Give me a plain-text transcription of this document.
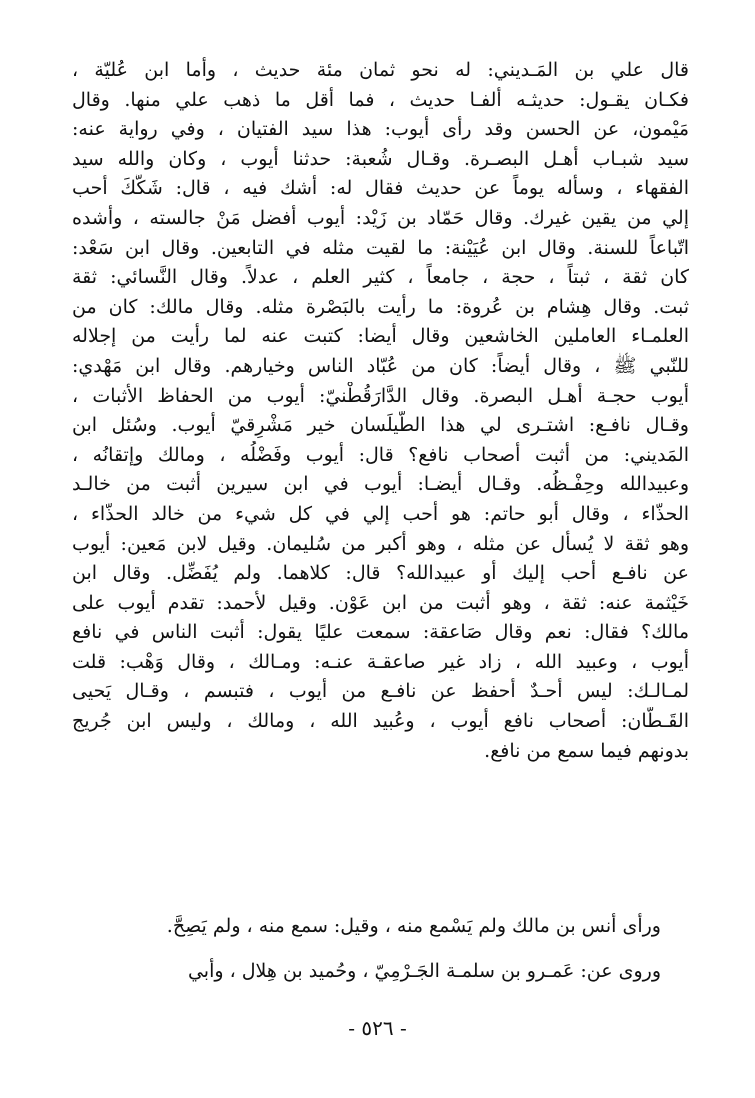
قال علي بن المَـديني: له نحو ثمان مئة حديث ، وأما ابن عُليّة ،
فكـان يقـول: حديثـه ألفـا حديث ، فما أقل ما ذهب علي منها. وقال
مَيْمون، عن الحسن وقد رأى أيوب: هذا سيد الفتيان ، وفي رواية عنه:
سيد شبـاب أهـل البصـرة. وقـال شُعبة: حدثنا أيوب ، وكان والله سيد
الفقهاء ، وسأله يوماً عن حديث فقال له: أشك فيه ، قال: شَكُّكَ أحب
إلي من يقين غيرك. وقال حَمّاد بن زَيْد: أيوب أفضل مَنْ جالسته ، وأشده
اتّباعاً للسنة. وقال ابن عُيَيْنة: ما لقيت مثله في التابعين. وقال ابن سَعْد:
كان ثقة ، ثبتاً ، حجة ، جامعاً ، كثير العلم ، عدلاً. وقال النَّسائي: ثقة
ثبت. وقال هِشام بن عُروة: ما رأيت بالبَصْرة مثله. وقال مالك: كان من
العلمـاء العاملين الخاشعين وقال أيضا: كتبت عنه لما رأيت من إجلاله
للنّبي ﷺ ، وقال أيضاً: كان من عُبّاد الناس وخيارهم. وقال ابن مَهْدي:
أيوب حجـة أهـل البصرة. وقال الدَّارَقُطْنيّ: أيوب من الحفاظ الأثبات ،
وقـال نافـع: اشتـرى لي هذا الطّيلَسان خير مَشْرِقيّ أيوب. وسُئل ابن
المَديني: من أثبت أصحاب نافع؟ قال: أيوب وفَضْلُه ، ومالك وإتقانُه ،
وعبيدالله وحِفْـظُه. وقـال أيضـا: أيوب في ابن سيرين أثبت من خالـد
الحذّاء ، وقال أبو حاتم: هو أحب إلي في كل شيء من خالد الحذّاء ،
وهو ثقة لا يُسأل عن مثله ، وهو أكبر من سُليمان. وقيل لابن مَعين: أيوب
عن نافـع أحب إليك أو عبيدالله؟ قال: كلاهما. ولم يُفَضِّل. وقال ابن
خَيْثمة عنه: ثقة ، وهو أثبت من ابن عَوْن. وقيل لأحمد: تقدم أيوب على
مالك؟ فقال: نعم وقال صَاعقة: سمعت عليًا يقول: أثبت الناس في نافع
أيوب ، وعبيد الله ، زاد غير صاعقـة عنـه: ومـالك ، وقال وَهْب: قلت
لمـالـك: ليس أحـدٌ أحفظ عن نافـع من أيوب ، فتبسم ، وقـال يَحيى
القَـطّان: أصحاب نافع أيوب ، وعُبيد الله ، ومالك ، وليس ابن جُريج
بدونهم فيما سمع من نافع.
ورأى أنس بن مالك ولم يَسْمع منه ، وقيل: سمع منه ، ولم يَصِحَّ.
وروى عن: عَمـرو بن سلمـة الجَـرْمِيّ ، وحُميد بن هِلال ، وأبي
- ٥٢٦ -
